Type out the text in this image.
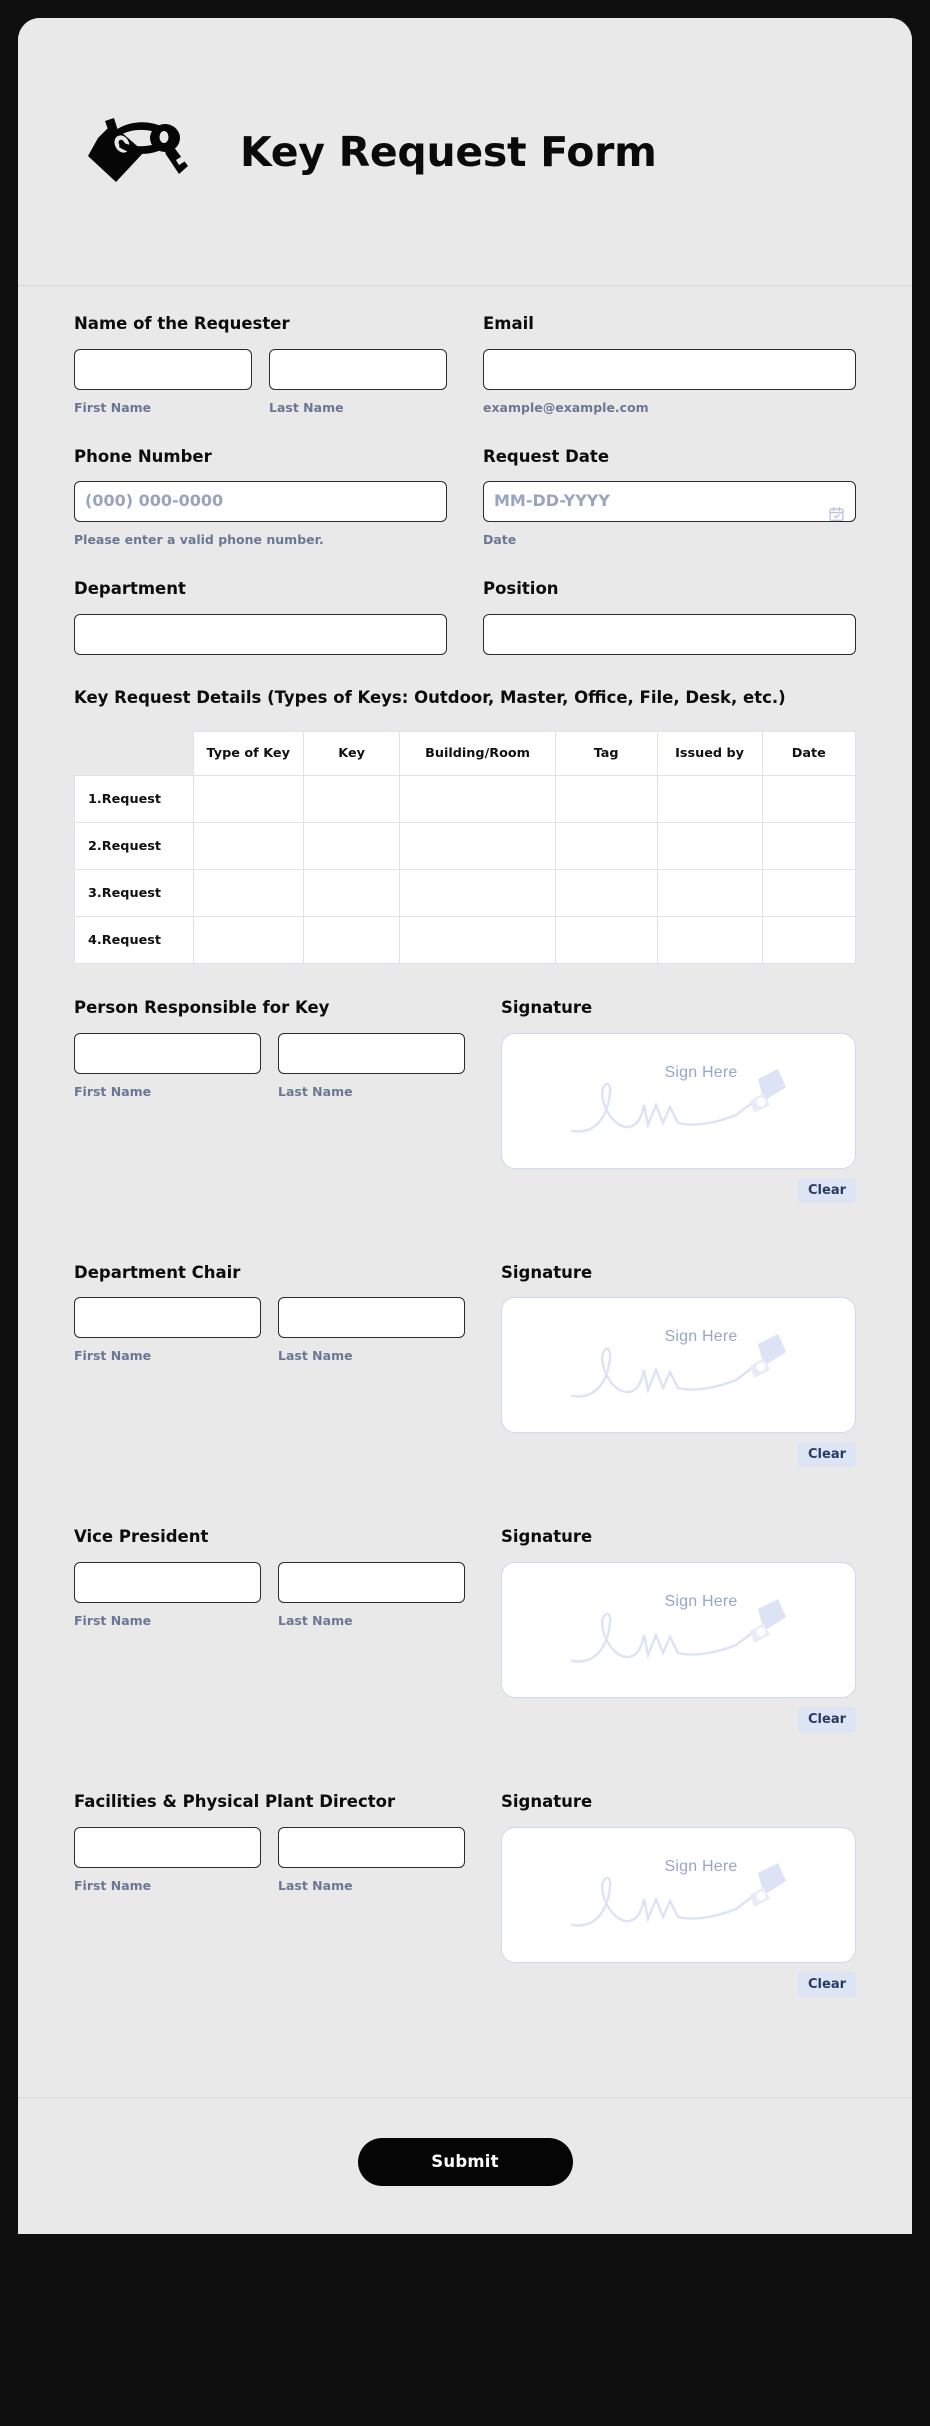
Key Request Form
Name of the Requester
First Name	Last Name
Email
example@example.com
Phone Number
(000) 000-0000
Please enter a valid phone number.
Request Date
MM-DD-YYYY
Date
Department	Position
Key Request Details (Types of Keys: Outdoor, Master, Office, File, Desk, etc.)
	Type of Key	Key	Building/Room	Tag	Issued by	Date
1.Request						
2.Request						
3.Request						
4.Request						
Person Responsible for Key
First Name	Last Name
Signature
Sign Here
Clear
Department Chair
First Name	Last Name
Signature
Sign Here
Clear
Vice President
First Name	Last Name
Signature
Sign Here
Clear
Facilities & Physical Plant Director
First Name	Last Name
Signature
Sign Here
Clear
Submit
